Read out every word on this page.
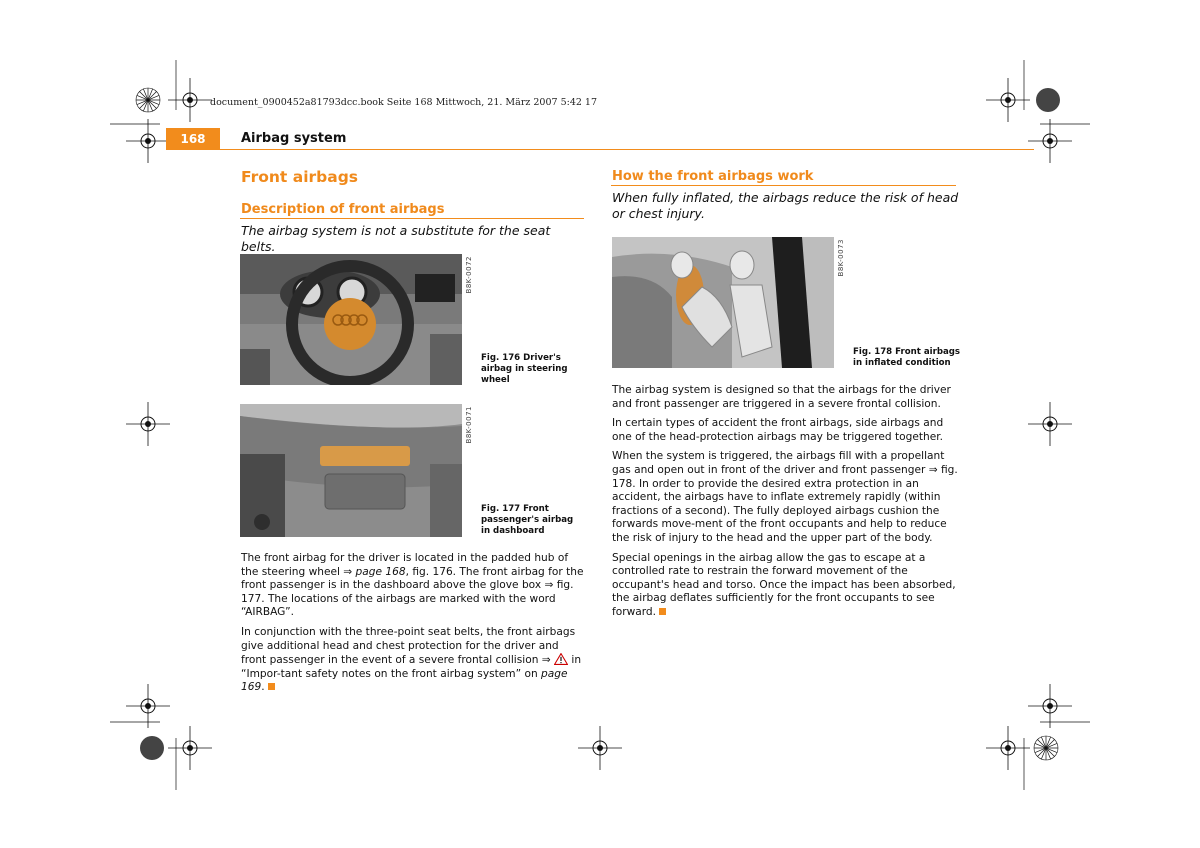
document_0900452a81793dcc.book Seite 168 Mittwoch, 21. März 2007 5:42 17
168	Airbag system
Front airbags
Description of front airbags
The airbag system is not a substitute for the seat belts.
B8K-0072
Fig. 176 Driver's airbag in steering wheel
B8K-0071
Fig. 177 Front passenger's airbag in dashboard

The front airbag for the driver is located in the padded hub of the steering wheel ⇒ page 168, fig. 176. The front airbag for the front passenger is in the dashboard above the glove box ⇒ fig. 177. The locations of the airbags are marked with the word “AIRBAG”.

In conjunction with the three-point seat belts, the front airbags give additional head and chest protection for the driver and front passenger in the event of a severe frontal collision ⇒  in “Impor-tant safety notes on the front airbag system” on page 169.

How the front airbags work
When fully inflated, the airbags reduce the risk of head or chest injury.
B8K-0073
Fig. 178 Front airbags in inflated condition

The airbag system is designed so that the airbags for the driver and front passenger are triggered in a severe frontal collision.

In certain types of accident the front airbags, side airbags and one of the head-protection airbags may be triggered together.

When the system is triggered, the airbags fill with a propellant gas and open out in front of the driver and front passenger ⇒ fig. 178. In order to provide the desired extra protection in an accident, the airbags have to inflate extremely rapidly (within fractions of a second). The fully deployed airbags cushion the forwards move-ment of the front occupants and help to reduce the risk of injury to the head and the upper part of the body.

Special openings in the airbag allow the gas to escape at a controlled rate to restrain the forward movement of the occupant's head and torso. Once the impact has been absorbed, the airbag deflates sufficiently for the front occupants to see forward.
